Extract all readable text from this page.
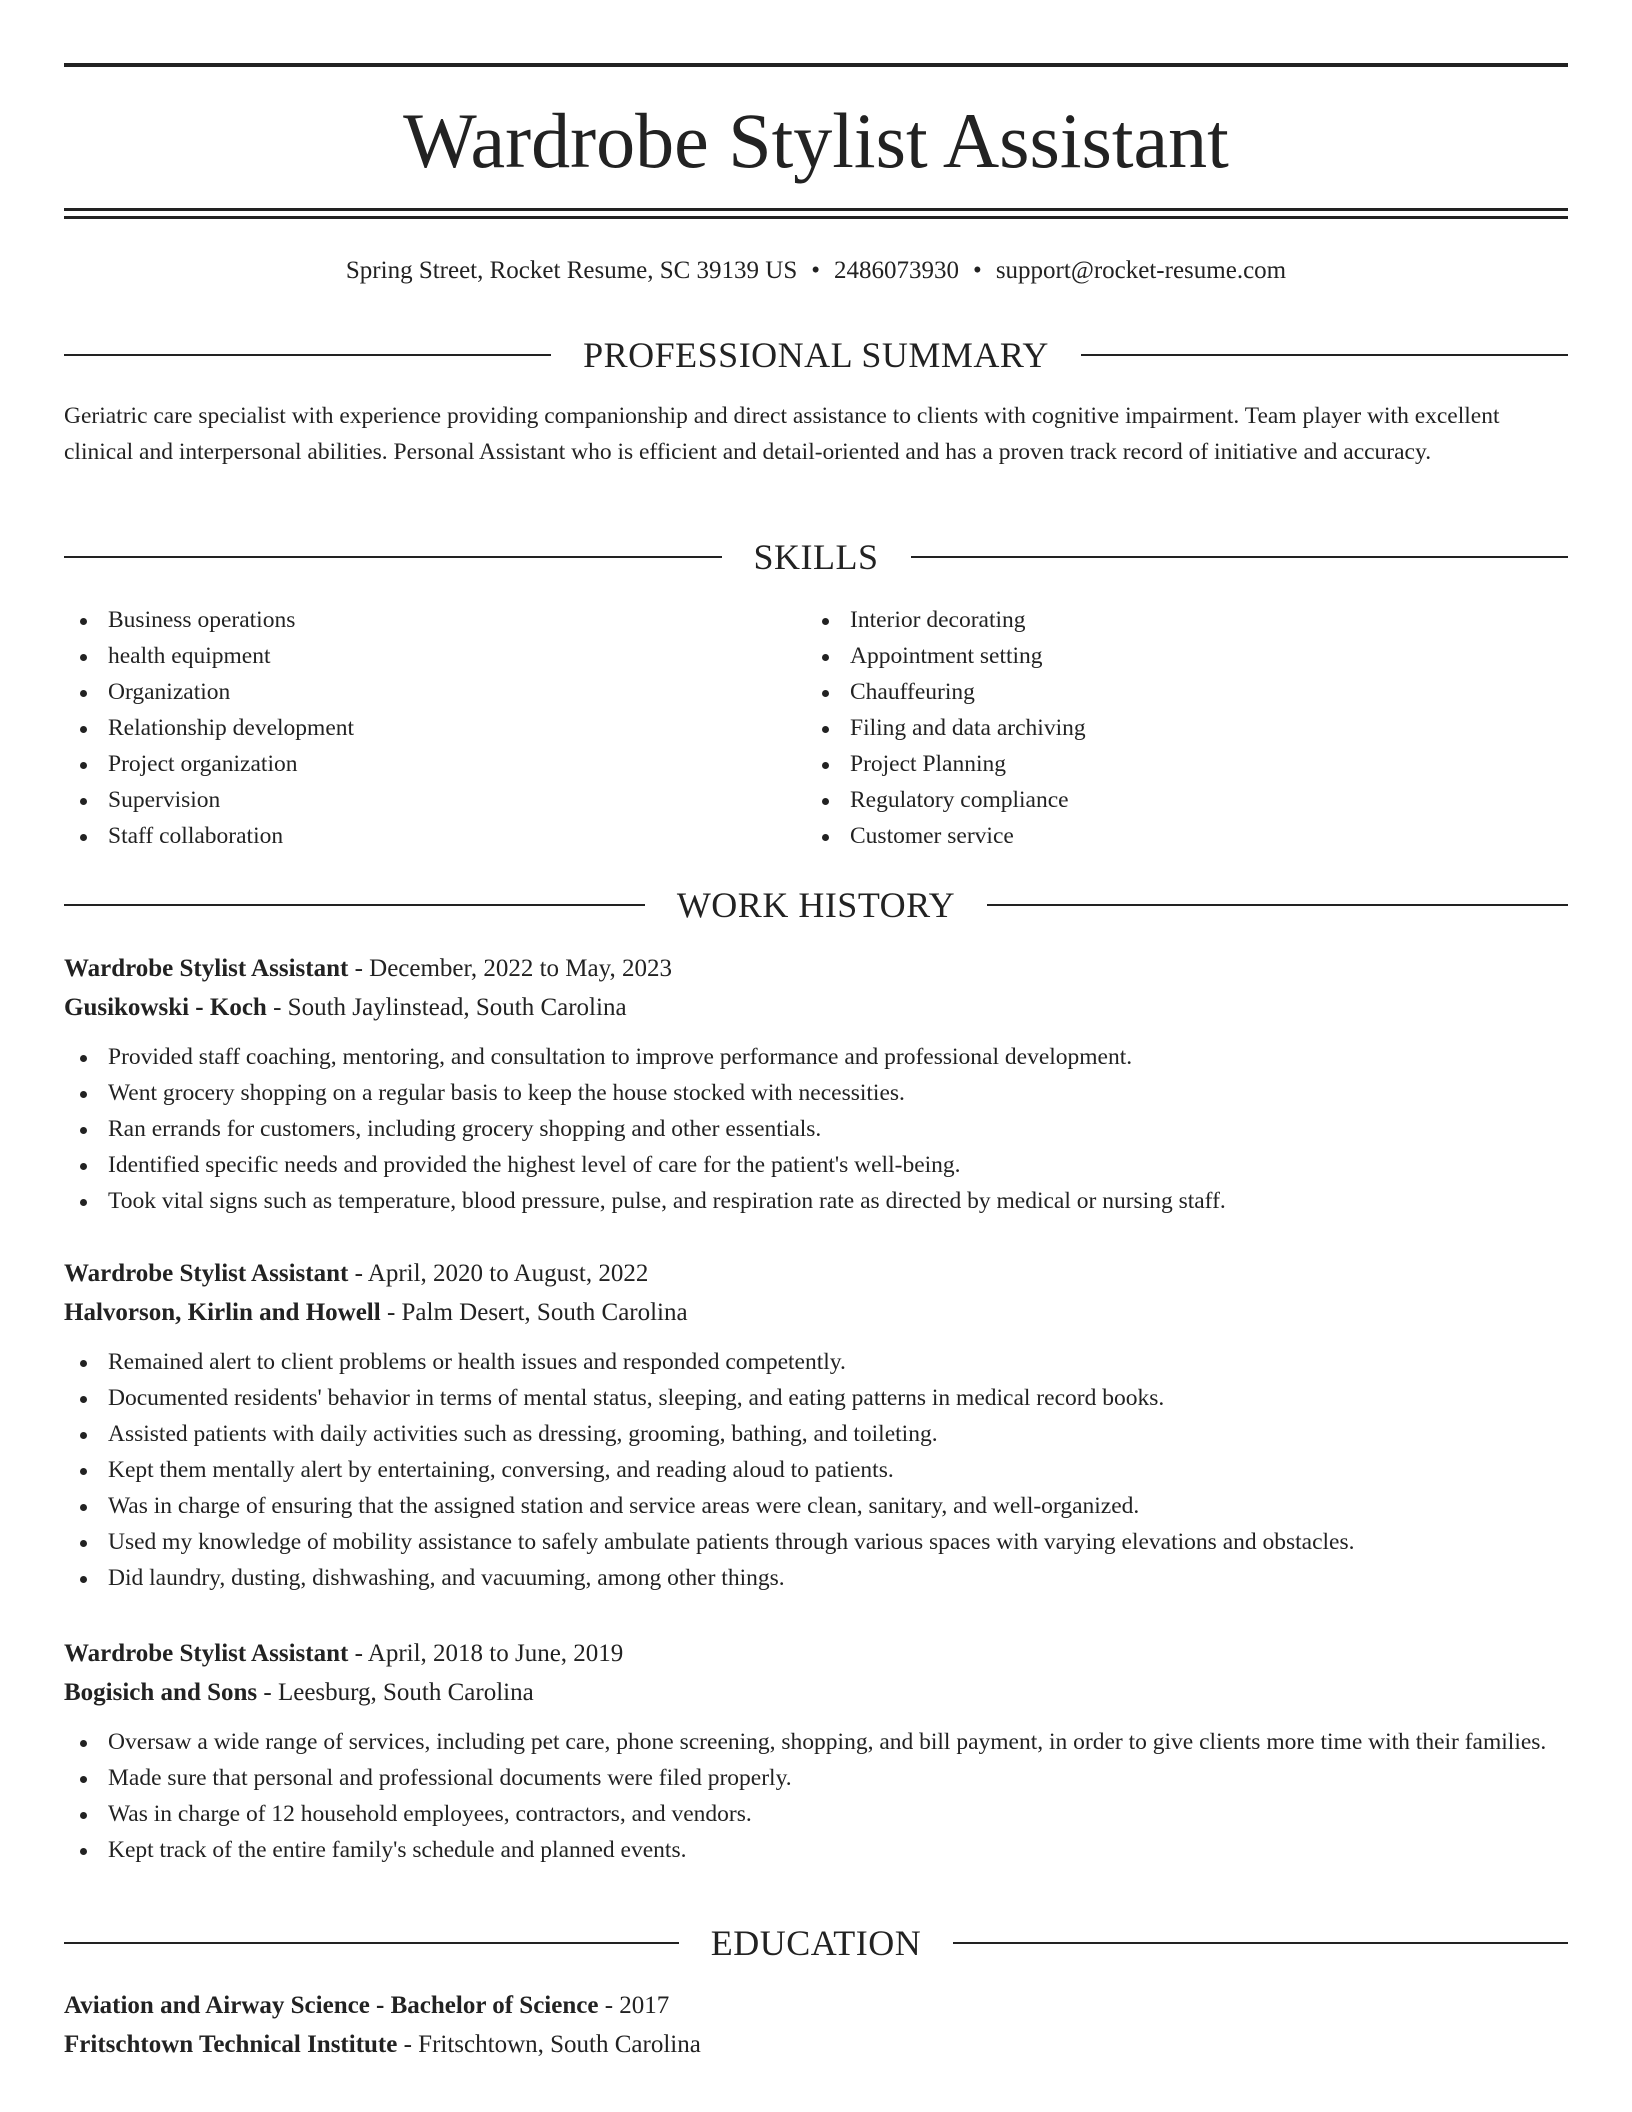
Wardrobe Stylist Assistant
Spring Street, Rocket Resume, SC 39139 US • 2486073930 • support@rocket-resume.com
PROFESSIONAL SUMMARY

Geriatric care specialist with experience providing companionship and direct assistance to clients with cognitive impairment. Team player with excellent clinical and interpersonal abilities. Personal Assistant who is efficient and detail-oriented and has a proven track record of initiative and accuracy.

SKILLS
Business operations
health equipment
Organization
Relationship development
Project organization
Supervision
Staff collaboration
Interior decorating
Appointment setting
Chauffeuring
Filing and data archiving
Project Planning
Regulatory compliance
Customer service
WORK HISTORY
Wardrobe Stylist Assistant - December, 2022 to May, 2023
Gusikowski - Koch - South Jaylinstead, South Carolina
Provided staff coaching, mentoring, and consultation to improve performance and professional development.
Went grocery shopping on a regular basis to keep the house stocked with necessities.
Ran errands for customers, including grocery shopping and other essentials.
Identified specific needs and provided the highest level of care for the patient's well-being.
Took vital signs such as temperature, blood pressure, pulse, and respiration rate as directed by medical or nursing staff.
Wardrobe Stylist Assistant - April, 2020 to August, 2022
Halvorson, Kirlin and Howell - Palm Desert, South Carolina
Remained alert to client problems or health issues and responded competently.
Documented residents' behavior in terms of mental status, sleeping, and eating patterns in medical record books.
Assisted patients with daily activities such as dressing, grooming, bathing, and toileting.
Kept them mentally alert by entertaining, conversing, and reading aloud to patients.
Was in charge of ensuring that the assigned station and service areas were clean, sanitary, and well-organized.
Used my knowledge of mobility assistance to safely ambulate patients through various spaces with varying elevations and obstacles.
Did laundry, dusting, dishwashing, and vacuuming, among other things.
Wardrobe Stylist Assistant - April, 2018 to June, 2019
Bogisich and Sons - Leesburg, South Carolina
Oversaw a wide range of services, including pet care, phone screening, shopping, and bill payment, in order to give clients more time with their families.
Made sure that personal and professional documents were filed properly.
Was in charge of 12 household employees, contractors, and vendors.
Kept track of the entire family's schedule and planned events.
EDUCATION
Aviation and Airway Science - Bachelor of Science - 2017
Fritschtown Technical Institute - Fritschtown, South Carolina
